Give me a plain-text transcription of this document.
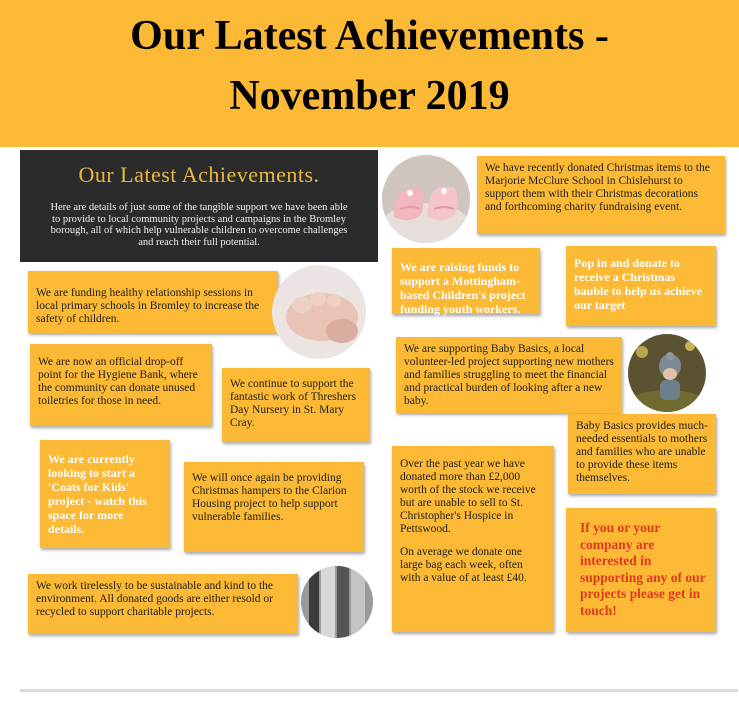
Our Latest Achievements -
November 2019
Our Latest Achievements.
Here are details of just some of the tangible support we have been able to provide to local community projects and campaigns in the Bromley borough, all of which help vulnerable children to overcome challenges and reach their full potential.
We have recently donated Christmas items to the Marjorie McClure School in Chislehurst to support them with their Christmas decorations and forthcoming charity fundraising event.
We are funding healthy relationship sessions in local primary schools in Bromley to increase the safety of children.
We are raising funds to support a Mottingham-based Children's project funding youth workers.
Pop in and donate to receive a Christmas bauble to help us achieve our target
We are now an official drop-off point for the Hygiene Bank, where the community can donate unused toiletries for those in need.
We continue to support the fantastic work of Threshers Day Nursery in St. Mary Cray.
We are supporting Baby Basics, a local volunteer-led project supporting new mothers and families struggling to meet the financial and practical burden of looking after a new baby.
Baby Basics provides much-needed essentials to mothers and families who are unable to provide these items themselves.
We are currently looking to start a 'Coats for Kids' project - watch this space for more details.
We will once again be providing Christmas hampers to the Clarion Housing project to help support vulnerable families.
Over the past year we have donated more than £2,000 worth of the stock we receive but are unable to sell to St. Christopher's Hospice in Pettswood.
On average we donate one large bag each week, often with a value of at least £40.
If you or your company are interested in supporting any of our projects please get in touch!
We work tirelessly to be sustainable and kind to the environment. All donated goods are either resold or recycled to support charitable projects.
